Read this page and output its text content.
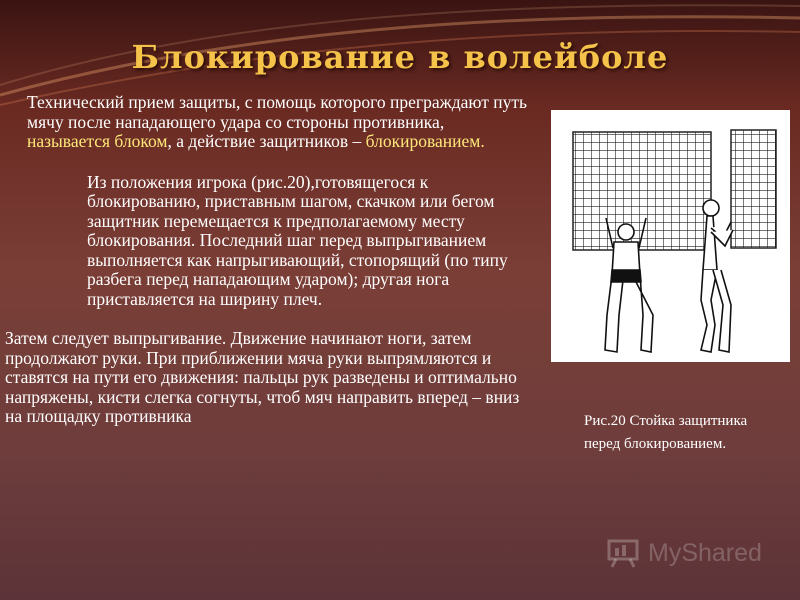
Блокирование в волейболе

Технический прием защиты, с помощь которого преграждают путь мячу после нападающего удара со стороны противника, называется блоком, а действие защитников – блокированием.

Из положения игрока (рис.20),готовящегося к блокированию, приставным шагом, скачком или бегом защитник перемещается к предполагаемому месту блокирования. Последний шаг перед выпрыгиванием выполняется как напрыгивающий, стопорящий (по типу разбега перед нападающим ударом); другая нога приставляется на ширину плеч.

Затем следует выпрыгивание. Движение начинают ноги, затем продолжают руки. При приближении мяча руки выпрямляются и ставятся на пути его движения: пальцы рук разведены и оптимально напряжены, кисти слегка согнуты, чтоб мяч направить вперед – вниз на площадку противника	Рис.20 Стойка защитника перед блокированием.
MyShared
